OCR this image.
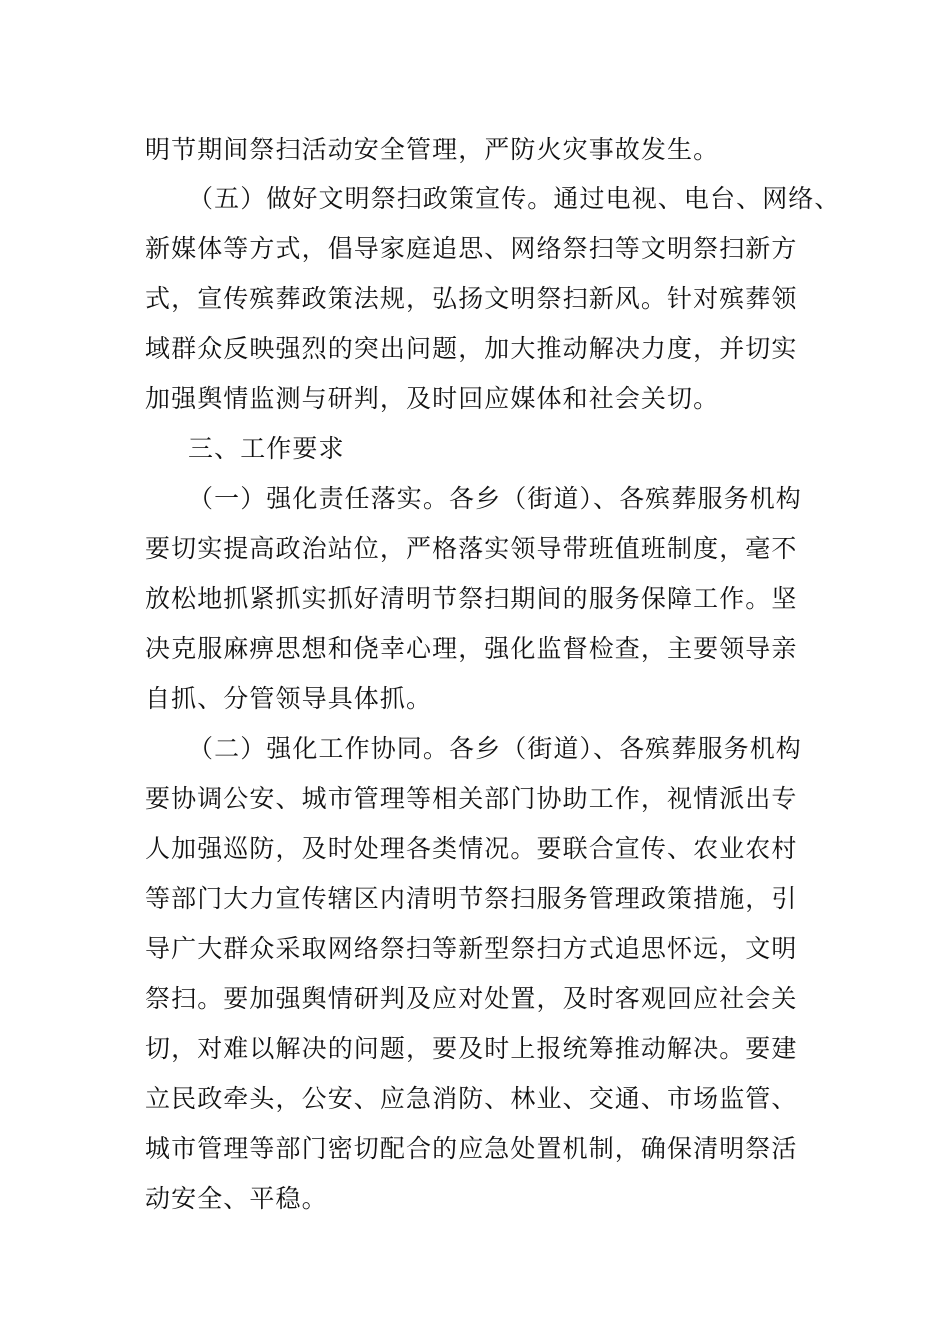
明节期间祭扫活动安全管理，严防火灾事故发生。
（五）做好文明祭扫政策宣传。通过电视、电台、网络、
新媒体等方式，倡导家庭追思、网络祭扫等文明祭扫新方
式，宣传殡葬政策法规，弘扬文明祭扫新风。针对殡葬领
域群众反映强烈的突出问题，加大推动解决力度，并切实
加强舆情监测与研判，及时回应媒体和社会关切。
三、工作要求
（一）强化责任落实。各乡（街道）、各殡葬服务机构
要切实提高政治站位，严格落实领导带班值班制度，毫不
放松地抓紧抓实抓好清明节祭扫期间的服务保障工作。坚
决克服麻痹思想和侥幸心理，强化监督检查，主要领导亲
自抓、分管领导具体抓。
（二）强化工作协同。各乡（街道）、各殡葬服务机构
要协调公安、城市管理等相关部门协助工作，视情派出专
人加强巡防，及时处理各类情况。要联合宣传、农业农村
等部门大力宣传辖区内清明节祭扫服务管理政策措施，引
导广大群众采取网络祭扫等新型祭扫方式追思怀远，文明
祭扫。要加强舆情研判及应对处置，及时客观回应社会关
切，对难以解决的问题，要及时上报统筹推动解决。要建
立民政牵头，公安、应急消防、林业、交通、市场监管、
城市管理等部门密切配合的应急处置机制，确保清明祭活
动安全、平稳。
